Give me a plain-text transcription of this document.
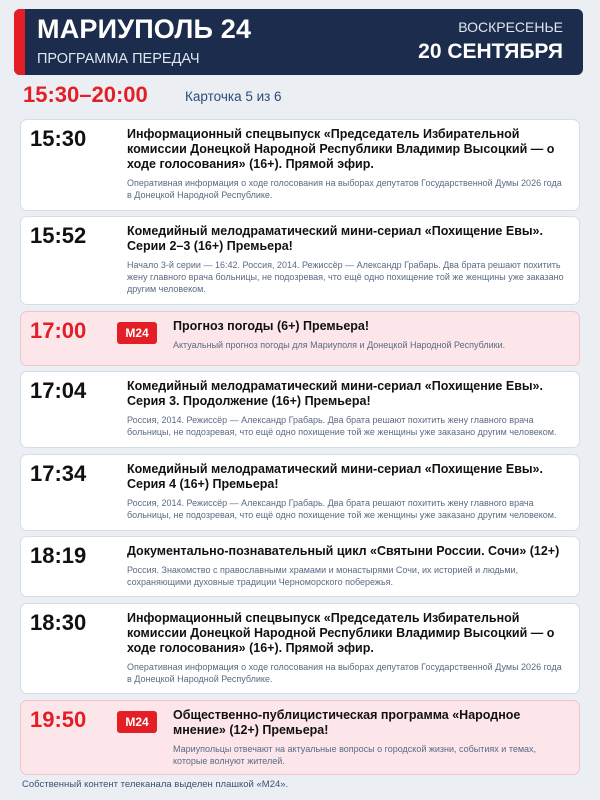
МАРИУПОЛЬ 24
ПРОГРАММА ПЕРЕДАЧ
ВОСКРЕСЕНЬЕ
20 СЕНТЯБРЯ
15:30–20:00	Карточка 5 из 6
15:30	Информационный спецвыпуск «Председатель Избирательной комиссии Донецкой Народной Республики Владимир Высоцкий — о ходе голосования» (16+). Прямой эфир.
Оперативная информация о ходе голосования на выборах депутатов Государственной Думы 2026 года в Донецкой Народной Республике.
15:52	Комедийный мелодраматический мини-сериал «Похищение Евы». Серии 2–3 (16+) Премьера!
Начало 3-й серии — 16:42. Россия, 2014. Режиссёр — Александр Грабарь. Два брата решают похитить жену главного врача больницы, не подозревая, что ещё одно похищение той же женщины уже заказано другим человеком.
17:00	М24	Прогноз погоды (6+) Премьера!
Актуальный прогноз погоды для Мариуполя и Донецкой Народной Республики.
17:04	Комедийный мелодраматический мини-сериал «Похищение Евы». Серия 3. Продолжение (16+) Премьера!
Россия, 2014. Режиссёр — Александр Грабарь. Два брата решают похитить жену главного врача больницы, не подозревая, что ещё одно похищение той же женщины уже заказано другим человеком.
17:34	Комедийный мелодраматический мини-сериал «Похищение Евы». Серия 4 (16+) Премьера!
Россия, 2014. Режиссёр — Александр Грабарь. Два брата решают похитить жену главного врача больницы, не подозревая, что ещё одно похищение той же женщины уже заказано другим человеком.
18:19	Документально-познавательный цикл «Святыни России. Сочи» (12+)
Россия. Знакомство с православными храмами и монастырями Сочи, их историей и людьми, сохраняющими духовные традиции Черноморского побережья.
18:30	Информационный спецвыпуск «Председатель Избирательной комиссии Донецкой Народной Республики Владимир Высоцкий — о ходе голосования» (16+). Прямой эфир.
Оперативная информация о ходе голосования на выборах депутатов Государственной Думы 2026 года в Донецкой Народной Республике.
19:50	М24	Общественно-публицистическая программа «Народное мнение» (12+) Премьера!
Мариупольцы отвечают на актуальные вопросы о городской жизни, событиях и темах, которые волнуют жителей.
Собственный контент телеканала выделен плашкой «М24».
